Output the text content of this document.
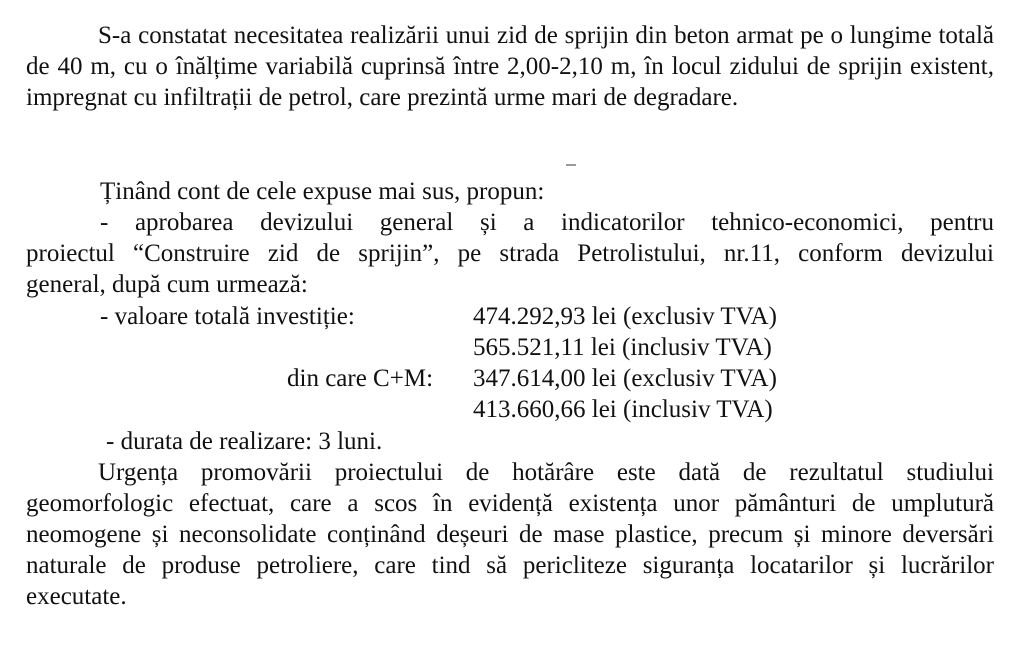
S-a constatat necesitatea realizării unui zid de sprijin din beton armat pe o lungime totală de 40 m, cu o înălțime variabilă cuprinsă între 2,00-2,10 m, în locul zidului de sprijin existent, impregnat cu infiltrații de petrol, care prezintă urme mari de degradare.

Ținând cont de cele expuse mai sus, propun:

- aprobarea devizului general și a indicatorilor tehnico-economici, pentru

proiectul “Construire zid de sprijin”, pe strada Petrolistului, nr.11, conform devizului

general, după cum urmează:

- valoare totală investiție:	474.292,93 lei (exclusiv TVA)

565.521,11 lei (inclusiv TVA)

din care C+M: 347.614,00 lei (exclusiv TVA)

413.660,66 lei (inclusiv TVA)

- durata de realizare: 3 luni.

Urgența promovării proiectului de hotărâre este dată de rezultatul studiului geomorfologic efectuat, care a scos în evidență existența unor pământuri de umplutură neomogene și neconsolidate conținând deșeuri de mase plastice, precum și minore deversări naturale de produse petroliere, care tind să pericliteze siguranța locatarilor și lucrărilor executate.
